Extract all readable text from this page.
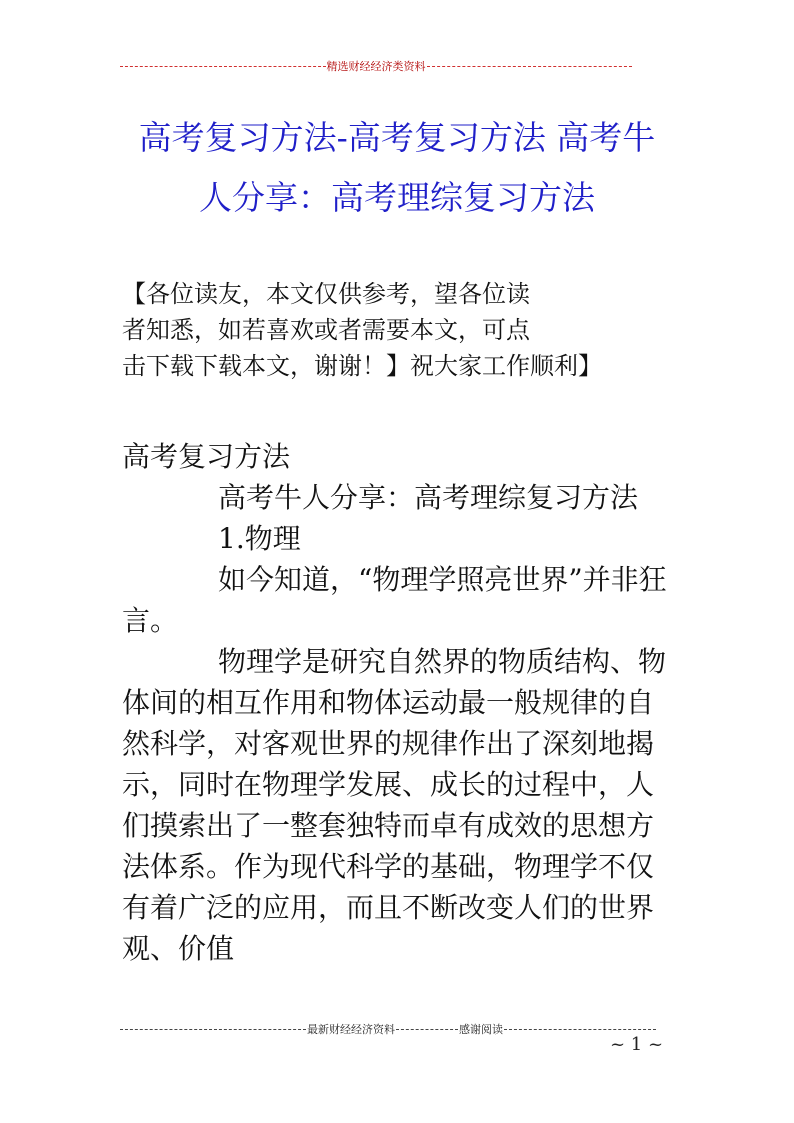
精选财经经济类资料
高考复习方法-高考复习方法 高考牛
人分享：高考理综复习方法
【各位读友，本文仅供参考，望各位读
者知悉，如若喜欢或者需要本文，可点
击下载下载本文，谢谢！】祝大家工作顺利】

高考复习方法

高考牛人分享：高考理综复习方法

1.物理

如今知道，“物理学照亮世界”并非狂言。

物理学是研究自然界的物质结构、物体间的相互作用和物体运动最一般规律的自然科学，对客观世界的规律作出了深刻地揭示，同时在物理学发展、成长的过程中，人们摸索出了一整套独特而卓有成效的思想方法体系。作为现代科学的基础，物理学不仅有着广泛的应用，而且不断改变人们的世界观、价值

最新财经经济资料	感谢阅读
~ 1 ~
